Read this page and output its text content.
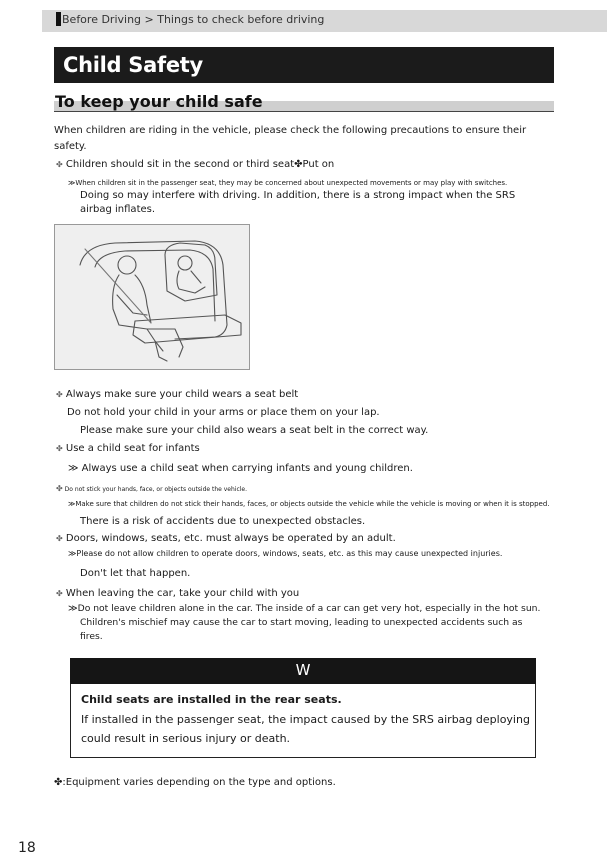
Before Driving > Things to check before driving
Child Safety
To keep your child safe
When children are riding in the vehicle, please check the following precautions to ensure their
safety.
✤ Children should sit in the second or third seat✤Put on
≫When children sit in the passenger seat, they may be concerned about unexpected movements or may play with switches.
Doing so may interfere with driving. In addition, there is a strong impact when the SRS
airbag inflates.
✤ Always make sure your child wears a seat belt
Do not hold your child in your arms or place them on your lap.
Please make sure your child also wears a seat belt in the correct way.
✤ Use a child seat for infants
≫ Always use a child seat when carrying infants and young children.
✤ Do not stick your hands, face, or objects outside the vehicle.
≫Make sure that children do not stick their hands, faces, or objects outside the vehicle while the vehicle is moving or when it is stopped.
There is a risk of accidents due to unexpected obstacles.
✤ Doors, windows, seats, etc. must always be operated by an adult.
≫Please do not allow children to operate doors, windows, seats, etc. as this may cause unexpected injuries.
Don't let that happen.
✤ When leaving the car, take your child with you
≫Do not leave children alone in the car. The inside of a car can get very hot, especially in the hot sun.
Children's mischief may cause the car to start moving, leading to unexpected accidents such as
fires.
W
Child seats are installed in the rear seats.
If installed in the passenger seat, the impact caused by the SRS airbag deploying
could result in serious injury or death.
✤:Equipment varies depending on the type and options.
18
